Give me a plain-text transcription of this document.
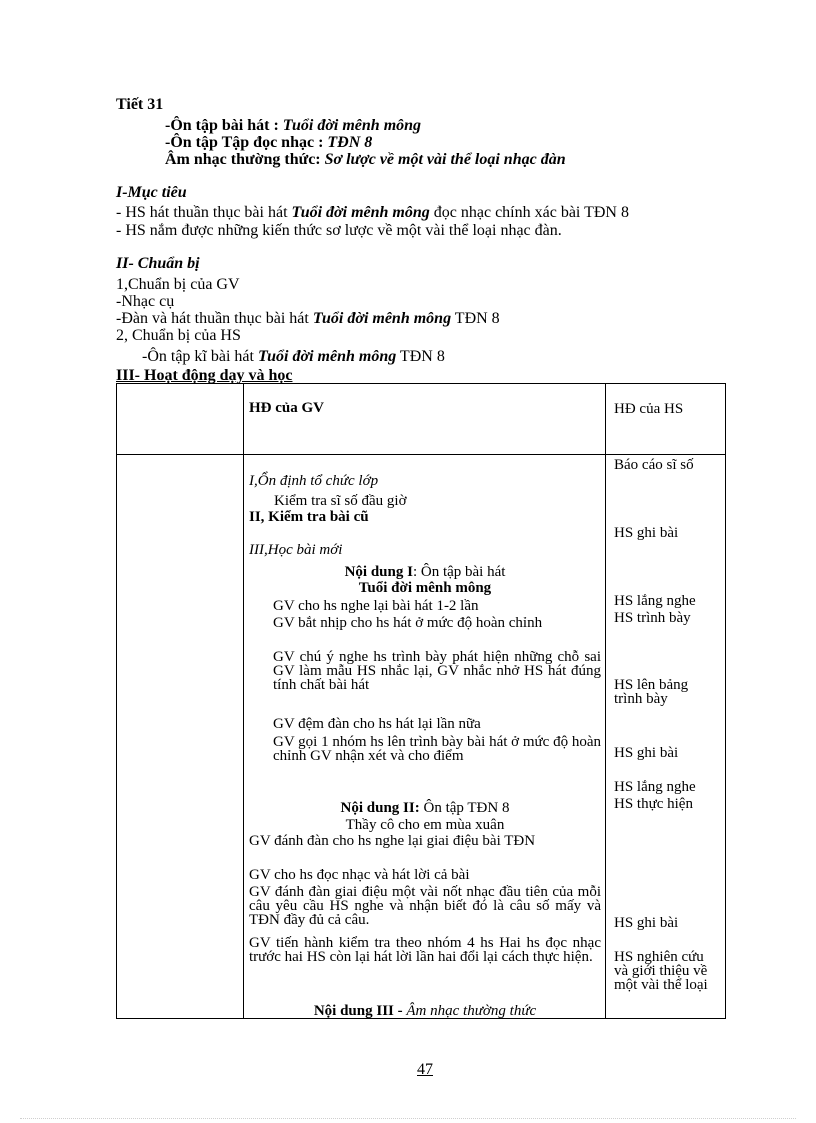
Tiết 31
-Ôn tập bài hát : Tuổi đời mênh mông
-Ôn tập Tập đọc nhạc : TĐN 8
Âm nhạc thường thức: Sơ lược về một vài thể loại nhạc đàn
I-Mục tiêu
- HS hát thuần thục bài hát Tuổi đời mênh mông đọc nhạc chính xác bài TĐN 8
- HS nắm được những kiến thức sơ lược về một vài thể loại nhạc đàn.
II- Chuẩn bị
1,Chuẩn bị của GV
-Nhạc cụ
-Đàn và hát thuần thục bài hát Tuổi đời mênh mông TĐN 8
2, Chuẩn bị của HS
-Ôn tập kĩ bài hát Tuổi đời mênh mông TĐN 8
III- Hoạt động dạy và học
HĐ của GV	HĐ của HS
I,Ổn định tổ chức lớp
Kiểm tra sĩ số đầu giờ
II, Kiểm tra bài cũ
III,Học bài mới
Nội dung I: Ôn tập bài hát
Tuổi đời mênh mông
GV cho hs nghe lại bài hát 1-2 lần
GV bắt nhịp cho hs hát ở mức độ hoàn chỉnh
GV chú ý nghe hs trình bày phát hiện những chỗ sai GV làm mẫu HS nhắc lại, GV nhắc nhở HS hát đúng tính chất bài hát
GV đệm đàn cho hs hát lại lần nữa
GV gọi 1 nhóm hs lên trình bày bài hát ở mức độ hoàn chỉnh GV nhận xét và cho điểm
Nội dung II: Ôn tập TĐN 8
Thầy cô cho em mùa xuân
GV đánh đàn cho hs nghe lại giai điệu bài TĐN
GV cho hs đọc nhạc và hát lời cả bài
GV đánh đàn giai điệu một vài nốt nhạc đầu tiên của mỗi câu yêu cầu HS nghe và nhận biết đó là câu số mấy và TĐN đầy đủ cả câu.
GV tiến hành kiểm tra theo nhóm 4 hs Hai hs đọc nhạc trước hai HS còn lại hát lời lần hai đổi lại cách thực hiện.
Nội dung III - Âm nhạc thường thức
Báo cáo sĩ số
HS ghi bài
HS lắng nghe
HS trình bày
HS lên bảng trình bày
HS ghi bài
HS lắng nghe
HS thực hiện
HS ghi bài
HS nghiên cứu và giới thiệu về một vài thể loại
47
